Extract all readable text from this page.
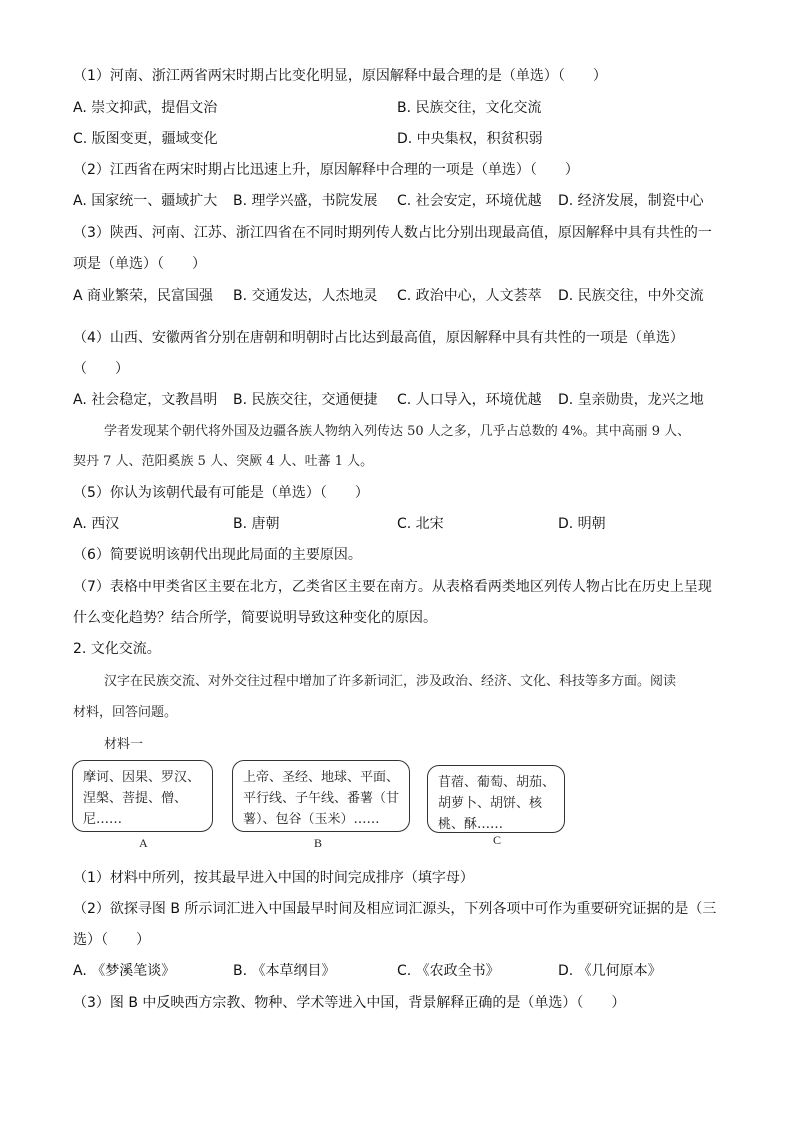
（1）河南、浙江两省两宋时期占比变化明显，原因解释中最合理的是（单选）（　　）
A. 崇文抑武，提倡文治	B. 民族交往，文化交流
C. 版图变更，疆域变化	D. 中央集权，积贫积弱
（2）江西省在两宋时期占比迅速上升，原因解释中合理的一项是（单选）（　　）
A. 国家统一、疆域扩大 B. 理学兴盛，书院发展 C. 社会安定，环境优越 D. 经济发展，制瓷中心
（3）陕西、河南、江苏、浙江四省在不同时期列传人数占比分别出现最高值，原因解释中具有共性的一
项是（单选）（　　）
A 商业繁荣，民富国强 B. 交通发达，人杰地灵 C. 政治中心，人文荟萃 D. 民族交往，中外交流
（4）山西、安徽两省分别在唐朝和明朝时占比达到最高值，原因解释中具有共性的一项是（单选）
（　　）
A. 社会稳定，文教昌明 B. 民族交往，交通便捷 C. 人口导入，环境优越 D. 皇亲勋贵，龙兴之地
学者发现某个朝代将外国及边疆各族人物纳入列传达 50 人之多，几乎占总数的 4%。其中高丽 9 人、
契丹 7 人、范阳奚族 5 人、突厥 4 人、吐蕃 1 人。
（5）你认为该朝代最有可能是（单选）（　　）
A. 西汉	B. 唐朝	C. 北宋	D. 明朝
（6）简要说明该朝代出现此局面的主要原因。
（7）表格中甲类省区主要在北方，乙类省区主要在南方。从表格看两类地区列传人物占比在历史上呈现
什么变化趋势？结合所学，简要说明导致这种变化的原因。
2. 文化交流。
汉字在民族交流、对外交往过程中增加了许多新词汇，涉及政治、经济、文化、科技等多方面。阅读
材料，回答问题。
材料一
摩诃、因果、罗汉、
涅槃、菩提、僧、
尼……
A
上帝、圣经、地球、平面、
平行线、子午线、番薯（甘
薯）、包谷（玉米）……
B
苜蓿、葡萄、胡茄、
胡萝卜、胡饼、核
桃、酥……
C
（1）材料中所列，按其最早进入中国的时间完成排序（填字母）
（2）欲探寻图 B 所示词汇进入中国最早时间及相应词汇源头，下列各项中可作为重要研究证据的是（三
选）（　　）
A. 《梦溪笔谈》	B. 《本草纲目》	C. 《农政全书》	D. 《几何原本》
（3）图 B 中反映西方宗教、物种、学术等进入中国，背景解释正确的是（单选）（　　）
